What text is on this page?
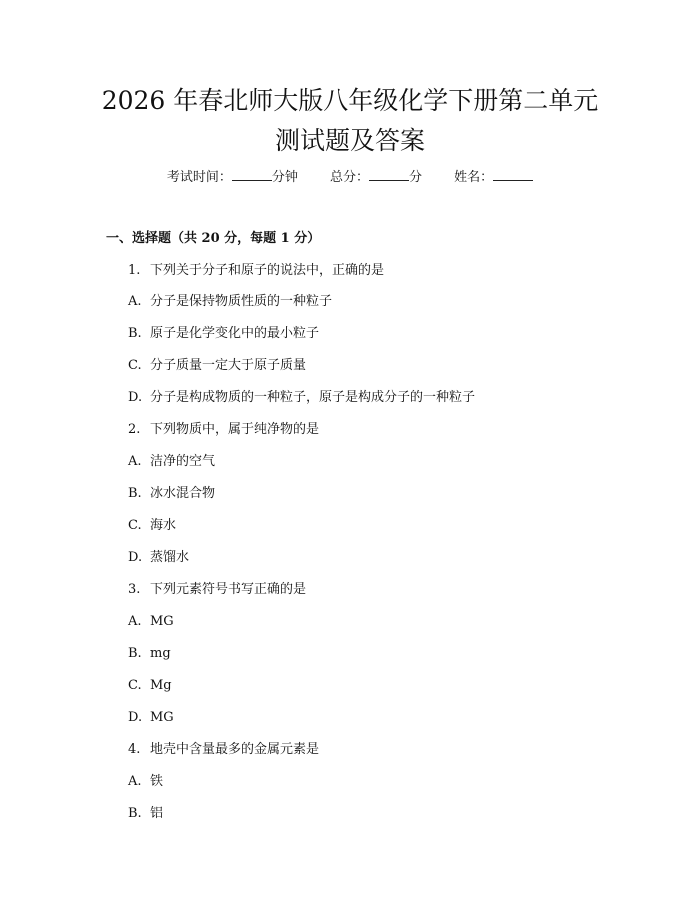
2026 年春北师大版八年级化学下册第二单元
测试题及答案
考试时间：	分钟 总分：	分 姓名：
一、选择题（共 20 分，每题 1 分）
1. 下列关于分子和原子的说法中，正确的是
A. 分子是保持物质性质的一种粒子
B. 原子是化学变化中的最小粒子
C. 分子质量一定大于原子质量
D. 分子是构成物质的一种粒子，原子是构成分子的一种粒子
2. 下列物质中，属于纯净物的是
A. 洁净的空气
B. 冰水混合物
C. 海水
D. 蒸馏水
3. 下列元素符号书写正确的是
A. MG
B. mg
C. Mg
D. MG
4. 地壳中含量最多的金属元素是
A. 铁
B. 铝
